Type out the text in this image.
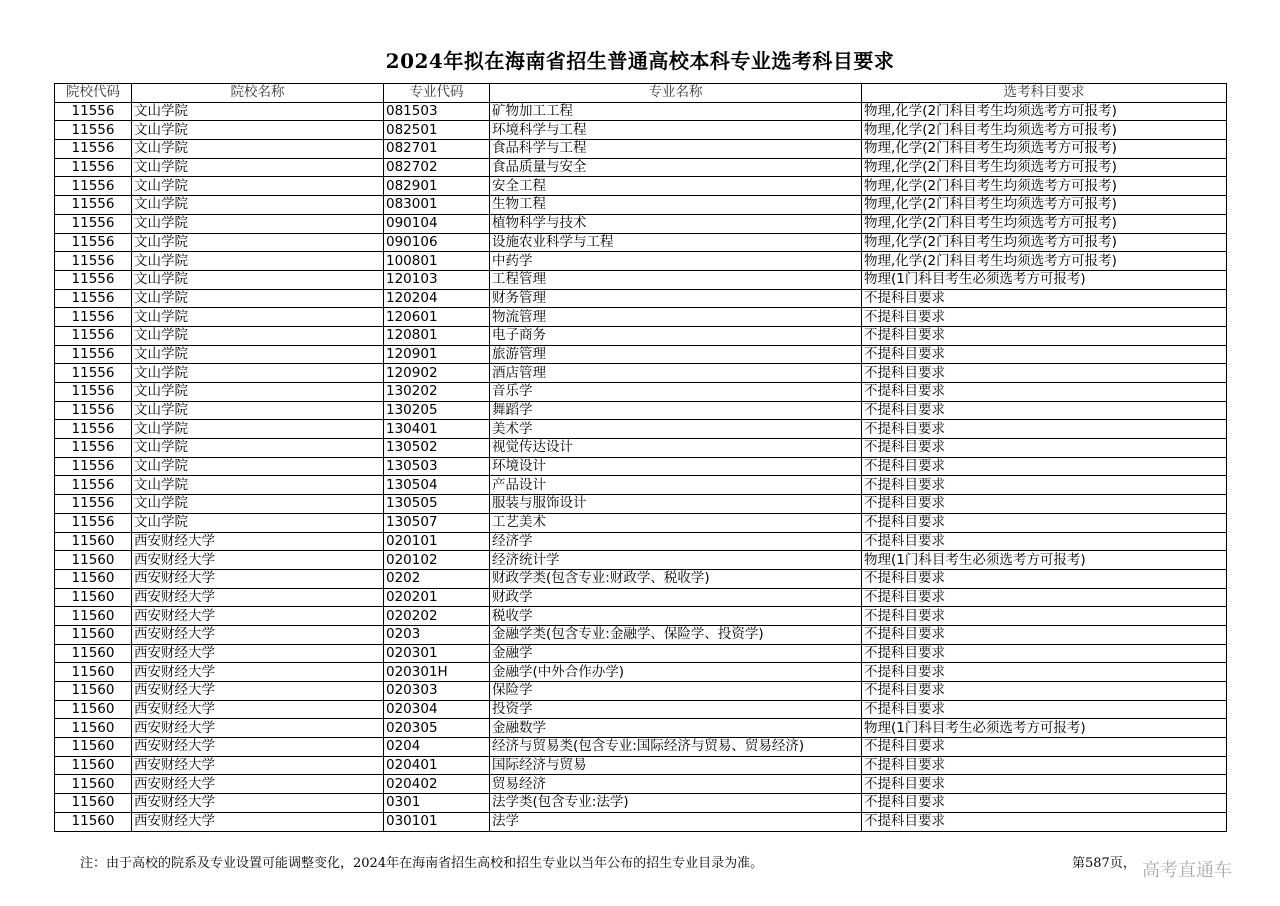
2024年拟在海南省招生普通高校本科专业选考科目要求
院校代码	院校名称	专业代码	专业名称	选考科目要求
11556	文山学院	081503	矿物加工工程	物理,化学(2门科目考生均须选考方可报考)
11556	文山学院	082501	环境科学与工程	物理,化学(2门科目考生均须选考方可报考)
11556	文山学院	082701	食品科学与工程	物理,化学(2门科目考生均须选考方可报考)
11556	文山学院	082702	食品质量与安全	物理,化学(2门科目考生均须选考方可报考)
11556	文山学院	082901	安全工程	物理,化学(2门科目考生均须选考方可报考)
11556	文山学院	083001	生物工程	物理,化学(2门科目考生均须选考方可报考)
11556	文山学院	090104	植物科学与技术	物理,化学(2门科目考生均须选考方可报考)
11556	文山学院	090106	设施农业科学与工程	物理,化学(2门科目考生均须选考方可报考)
11556	文山学院	100801	中药学	物理,化学(2门科目考生均须选考方可报考)
11556	文山学院	120103	工程管理	物理(1门科目考生必须选考方可报考)
11556	文山学院	120204	财务管理	不提科目要求
11556	文山学院	120601	物流管理	不提科目要求
11556	文山学院	120801	电子商务	不提科目要求
11556	文山学院	120901	旅游管理	不提科目要求
11556	文山学院	120902	酒店管理	不提科目要求
11556	文山学院	130202	音乐学	不提科目要求
11556	文山学院	130205	舞蹈学	不提科目要求
11556	文山学院	130401	美术学	不提科目要求
11556	文山学院	130502	视觉传达设计	不提科目要求
11556	文山学院	130503	环境设计	不提科目要求
11556	文山学院	130504	产品设计	不提科目要求
11556	文山学院	130505	服装与服饰设计	不提科目要求
11556	文山学院	130507	工艺美术	不提科目要求
11560	西安财经大学	020101	经济学	不提科目要求
11560	西安财经大学	020102	经济统计学	物理(1门科目考生必须选考方可报考)
11560	西安财经大学	0202	财政学类(包含专业:财政学、税收学)	不提科目要求
11560	西安财经大学	020201	财政学	不提科目要求
11560	西安财经大学	020202	税收学	不提科目要求
11560	西安财经大学	0203	金融学类(包含专业:金融学、保险学、投资学)	不提科目要求
11560	西安财经大学	020301	金融学	不提科目要求
11560	西安财经大学	020301H	金融学(中外合作办学)	不提科目要求
11560	西安财经大学	020303	保险学	不提科目要求
11560	西安财经大学	020304	投资学	不提科目要求
11560	西安财经大学	020305	金融数学	物理(1门科目考生必须选考方可报考)
11560	西安财经大学	0204	经济与贸易类(包含专业:国际经济与贸易、贸易经济)	不提科目要求
11560	西安财经大学	020401	国际经济与贸易	不提科目要求
11560	西安财经大学	020402	贸易经济	不提科目要求
11560	西安财经大学	0301	法学类(包含专业:法学)	不提科目要求
11560	西安财经大学	030101	法学	不提科目要求
注：由于高校的院系及专业设置可能调整变化，2024年在海南省招生高校和招生专业以当年公布的招生专业目录为准。	第587页， 高考直通车
